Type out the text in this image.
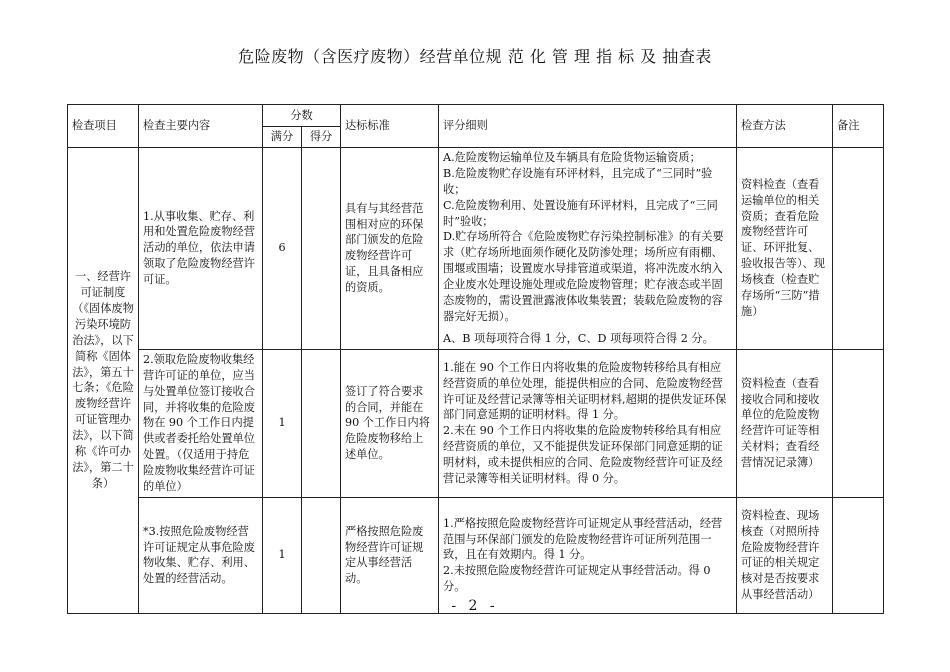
危险废物（含医疗废物）经营单位规 范 化 管 理 指 标 及 抽查表
检查项目	检查主要内容	分数		达标标准	评分细则	检查方法	备注
		满分	得分				
一、经营许可证制度（《固体废物污染环境防治法》，以下简称《固体法》，第五十七条；《危险废物经营许可证管理办法》，以下简称《许可办法》，第二十条）	1.从事收集、贮存、利用和处置危险废物经营活动的单位，依法申请领取了危险废物经营许可证。	6		具有与其经营范围相对应的环保部门颁发的危险废物经营许可证，且具备相应的资质。	A.危险废物运输单位及车辆具有危险货物运输资质；
B.危险废物贮存设施有环评材料，且完成了“三同时”验收；
C.危险废物利用、处置设施有环评材料，且完成了“三同时”验收；
D.贮存场所符合《危险废物贮存污染控制标准》的有关要求（贮存场所地面须作硬化及防渗处理；场所应有雨棚、围堰或围墙；设置废水导排管道或渠道，将冲洗废水纳入企业废水处理设施处理或危险废物管理；贮存液态或半固态废物的，需设置泄露液体收集装置；装载危险废物的容器完好无损）。
A、B 项每项符合得 1 分，C、D 项每项符合得 2 分。	资料检查（查看运输单位的相关资质；查看危险废物经营许可证、环评批复、验收报告等）、现场核查（检查贮存场所“三防”措施）	
	2.领取危险废物收集经营许可证的单位，应当与处置单位签订接收合同，并将收集的危险废物在 90 个工作日内提供或者委托给处置单位处置。（仅适用于持危险废物收集经营许可证的单位）	1		签订了符合要求的合同，并能在 90 个工作日内将危险废物移给上述单位。	1.能在 90 个工作日内将收集的危险废物转移给具有相应经营资质的单位处理，能提供相应的合同、危险废物经营许可证及经营记录簿等相关证明材料,超期的提供发证环保部门同意延期的证明材料。得 1 分。
2.未在 90 个工作日内将收集的危险废物转移给具有相应经营资质的单位，又不能提供发证环保部门同意延期的证明材料，或未提供相应的合同、危险废物经营许可证及经营记录簿等相关证明材料。得 0 分。	资料检查（查看接收合同和接收单位的危险废物经营许可证等相关材料；查看经营情况记录簿）	
	*3.按照危险废物经营许可证规定从事危险废物收集、贮存、利用、处置的经营活动。	1		严格按照危险废物经营许可证规定从事经营活动。	1.严格按照危险废物经营许可证规定从事经营活动，经营范围与环保部门颁发的危险废物经营许可证所列范围一致，且在有效期内。得 1 分。
2.未按照危险废物经营许可证规定从事经营活动。得 0 分。	资料检查、现场核查（对照所持危险废物经营许可证的相关规定核对是否按要求从事经营活动）	
- 2 -
